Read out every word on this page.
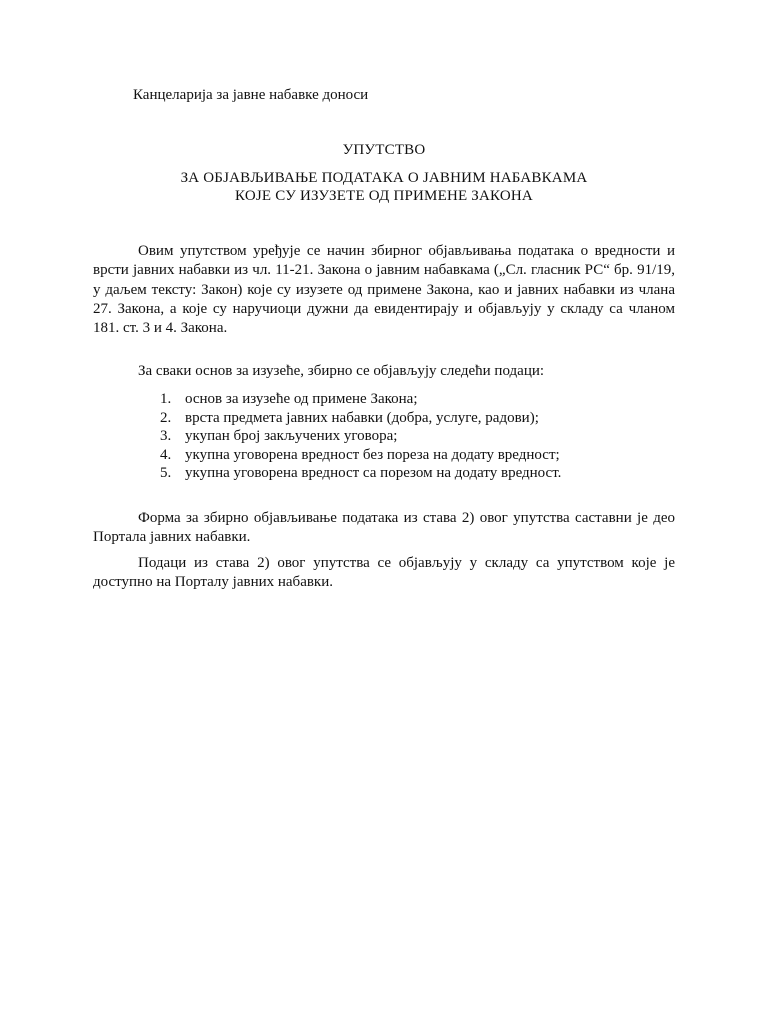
Канцеларија за јавне набавке доноси
УПУТСТВО
ЗА ОБЈАВЉИВАЊЕ ПОДАТАКА О ЈАВНИМ НАБАВКАМА
КОЈЕ СУ ИЗУЗЕТЕ ОД ПРИМЕНЕ ЗАКОНА

Овим упутством уређује се начин збирног објављивања података о вредности и врсти јавних набавки из чл. 11-21. Закона о јавним набавкама („Сл. гласник РС“ бр. 91/19, у даљем тексту: Закон) које су изузете од примене Закона, као и јавних набавки из члана 27. Закона, а које су наручиоци дужни да евидентирају и објављују у складу са чланом 181. ст. 3 и 4. Закона.

За сваки основ за изузеће, збирно се објављују следећи подаци:

1. основ за изузеће од примене Закона;
2. врста предмета јавних набавки (добра, услуге, радови);
3. укупан број закључених уговора;
4. укупна уговорена вредност без пореза на додату вредност;
5. укупна уговорена вредност са порезом на додату вредност.

Форма за збирно објављивање података из става 2) овог упутства саставни је део Портала јавних набавки.

Подаци из става 2) овог упутства се објављују у складу са упутством које је доступно на Порталу јавних набавки.
